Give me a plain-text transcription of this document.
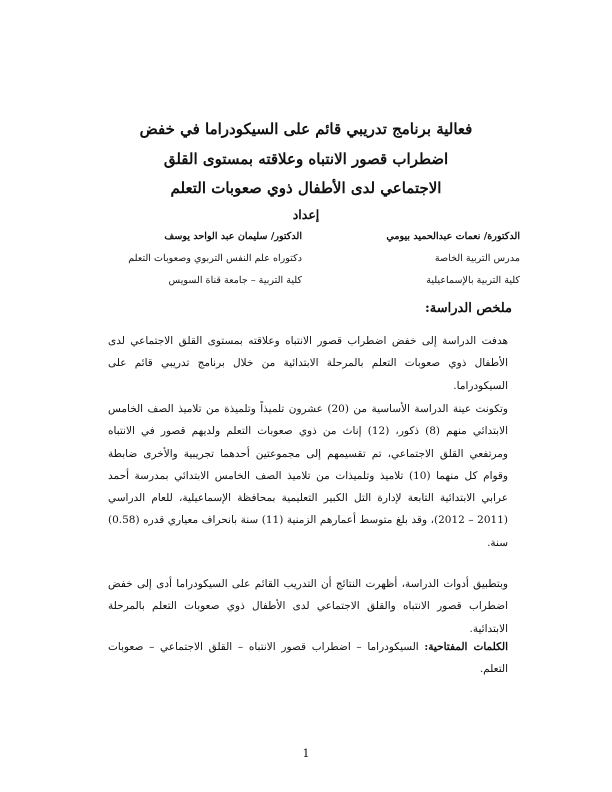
فعالية برنامج تدريبي قائم على السيكودراما في خفض
اضطراب قصور الانتباه وعلاقته بمستوى القلق
الاجتماعي لدى الأطفال ذوي صعوبات التعلم
إعداد
الدكتورة/ نعمات عبدالحميد بيومي
مدرس التربية الخاصة
كلية التربية بالإسماعيلية
الدكتور/ سليمان عبد الواحد يوسف
دكتوراه علم النفس التربوي وصعوبات التعلم
كلية التربية – جامعة قناة السويس
ملخص الدراسة:

هدفت الدراسة إلى خفض اضطراب قصور الانتباه وعلاقته بمستوى القلق الاجتماعي لدى الأطفال ذوي صعوبات التعلم بالمرحلة الابتدائية من خلال برنامج تدريبي قائم على السيكودراما.

وتكونت عينة الدراسة الأساسية من (20) عشرون تلميذاً وتلميذة من تلاميذ الصف الخامس الابتدائي منهم (8) ذكور، (12) إناث من ذوي صعوبات التعلم ولديهم قصور في الانتباه ومرتفعي القلق الاجتماعي، تم تقسيمهم إلى مجموعتين أحدهما تجريبية والأخرى ضابطة وقوام كل منهما (10) تلاميذ وتلميذات من تلاميذ الصف الخامس الابتدائي بمدرسة أحمد عرابي الابتدائية التابعة لإدارة التل الكبير التعليمية بمحافظة الإسماعيلية، للعام الدراسي (2011 – 2012)، وقد بلغ متوسط أعمارهم الزمنية (11) سنة بانحراف معياري قدره (0.58) سنة.

وبتطبيق أدوات الدراسة، أظهرت النتائج أن التدريب القائم على السيكودراما أدى إلى خفض اضطراب قصور الانتباه والقلق الاجتماعي لدى الأطفال ذوي صعوبات التعلم بالمرحلة الابتدائية.

الكلمات المفتاحية: السيكودراما – اضطراب قصور الانتباه – القلق الاجتماعي – صعوبات التعلم.

1
